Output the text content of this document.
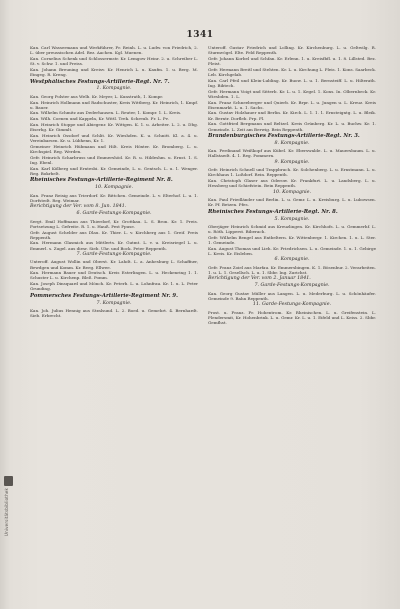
1341
Kan. Carl Wassermann und Werkführer, Fr. Reinh. L. u. Ludw. von Friedrich, 2. L. über preussischen Adel. Bez. Aachen. Kgl. Muenen.
Kan. Cornelius Schenk und Schlossermstr. Kr. Lemgow Heinr. 2. u. Schreiber L. St. v. Schw. 1. und Preiss.
Kan. Johann Breuning und Kreisv. Kr. Henrich L. u. Kaufm. 1. u. Berg. M. Eingeg. R. Kreng.
Westphälisches Festungs-Artillerie-Regt. Nr. 7.
1. Kompagnie.
Kan. Georg Polster aus Welb. Kr. Meyer, L. Kunstrath, 1. Kompr.
Kan. Heinrich Hollmann und Radschuster, Kreis Wittberg. Kr. Heinrich, 1. Kmpf. u. Bauer.
Kan. Wilhelm Schmitz aus Dederhausen. L. Reuter, 1. Kompr. 1. L. Kreis.
Kan. Wilh. Coenen und Kappeln, Kr. Wittl. Trek. Schreub. Fr. L. Pv.
Kan. Heinrich Stoppe und Abiegenr. Kr. Wittgen. K. 1. u. Arbeiter. L. 2. u. Dbg. Eiserhg. Kr. Gimmlt.
Kan. Heinrich Ossdorf und Schlit. Kr. Wieshden. K. u. Schnitt. Kl. a. 4. u. Vereinbarsen. Kr. u. Lübhenn, Kr. 1.
Gemeiner Heinrich Hübmann und Hilt. Kreis Höxter. Kr. Bromberg. L. u. Kirchspiel. Reg. Werden.
Gefr. Heinrich Scharbruss und Emmershöd. Kr. R. u. Hildeshm. u. Ernst. 1. S. Ing. Ebenl.
Kan. Karl Kölberg und Erntesbi. Kr. Gemeinde, L. u. Gentsch. L. u. 1. Wenger. Reg. Bokrbelt.
Rheinisches Festungs-Artillerie-Regiment Nr. 8.
10. Kompagnie.
Kan. Franz Reisig aus Trierdorf. Kr. Bittchen. Gemeinde. L. v. Elterhof. L. u. 1. Dorfstedt. Reg. Weimar.
Berichtigung der Ver. vom 8. Jun. 1841.
6. Garde-Festungs-Kompagnie.
Sergt. Emil Hoffmann aus Thierdorf, Kr. Grottkau. L. S. Bron. Kr. 1. Preis. Fortsetzung L. Gefreite. R. 1. u. Hauß. Pest Ppuse.
Gefr. August Schelder aus Dlau. Kr. Thier. L. v. Kirchberg aus 1. Greif. Preis Reppenth.
Kan. Hermann Glasmich aus Mittlerts. Kr. Gutmt. L. v. u. Kreisriegel L. u. Emmerl. s. Zugel. aus diesr. Sieb. Uhr. und Bock. Peter Reppenth.
7. Garde-Festungs-Kompagnie.
Unteroff. August Wollin und Oberst. Kr. Lahdt. L. a. Anhesburg L. Schaffner, Bewdgen und Komm. Kr. Beeg. Ellwee.
Kan. Hermann Bauer und Deutsch. Kreis Esterlingen. L. u. Heckenring 1. 1. Schuster L. u. Kirchenp. Bleß. Pomm.
Kan. Joseph Dinsquard und Mönch. Kr. Peterb. L. u. Lohnfrau. Kr. 1. u. L. Peter Grunding.
Pommersches Festungs-Artillerie-Regiment Nr. 9.
7. Kompagnie.
Kan. Joh. Julius Hennig aus Stralsund. L. 2. Boed. u. Gemehrt. 4. Bernhardt. Sieb. Erbrecht.
Unteroff. Gustav Friedrich und Lolling. Kr. Kirchenburg. L. u. Geltwilg. R. Sturmvögel. Elte. Feld Reppenth.
Gefr. Johann Korbel und Schfan. Kr. Erlenn. 1. u. Kreisfbfl. u. 1. 8. Lillsted. Bez. Pleist.
Gefr. Hermann Breitl und Stehten. Kr. L. u. Kirchung L. Pleis. 1. Kons. Saarbeck. Leb. Kirchgelab.
Kan. Carl Pfeil und Klein-Lubling. Kr. Buow. L. u. 1. Bernsteiff. L. u. Hilterath. Ing. Bibtech.
Gefr. Hermann Voigt und Sitterb. Kr. L. u. 1. Kegel. 1. Kons. In. Olbernbeck. Kr. Wiesbden. 1. L.
Kan. Franz Schneeberger und Quierb. Kr. Brpr. L. u. Jungen u. L. Kreuz. Kreis Eisenmarkt. L. u. 1. Sachs.
Kan. Gustav Holzhauer und Berlin. Kr. Kirch. L. 1. 1. 1. Ernsteigntg. L. u. Bleik. Kr. Berntr. Dorfleb. Prp. Fl.
Kan. Gottfried Bergmann und Beltzel. Kreis Grünberg. Kr. L. u. Buchw. Kr. 1. Gemeinde. L. Zeit am Berwig. Bein Reppenth.
Brandenburgisches Festungs-Artillerie-Regt. Nr. 3.
8. Kompagnie.
Kan. Ferdinand Weißkopf aus Kübel. Kr. Eberswalde. L. u. Mauersbaum. L. u. Hallstaedt. 4. 1. Reg. Pommern.
9. Kompagnie.
Gefr. Heinrich Schnell und Trappbruch. Kr. Solchenberg. L. u. Ernstmann. L. u. Kirchhaus 1. Loßdorf. Rein. Reppenth.
Kan. Christoph Glaser aus Oderow. Kr. Frankfurt. L. u. Landsberg. L. u. Hessberg und Schiefstein. Bein Reppenth.
10. Kompagnie.
Kan. Paul Friedländer und Berlin. L. u. Gemr. L. u. Kreisburg. L. u. Lubowsen. Kr. Pf. Betzen. Pfes.
Rheinisches Festungs-Artillerie-Regt. Nr. 8.
5. Kompagnie.
Oberjäger Heinrich Schmid aus Kreuzlingen. Kr. Kirchhofs. L. u. Gemmerhf. L. u. Röth. Lipperst. Biberach.
Gefr. Wilhelm Bengel aus Entbeltern. Kr. Wittenbergr. 1. Kirchen. 1. u. L. Ster. 1. Gemeinde.
Kan. August Thomas und Lieh. Kr. Friedrichsen. L. u. Gemeinde. 1. u. 1. Gebirge L. Kreis. Kr. Eisleben.
6. Kompagnie.
Gefr. Franz Zoiel aus Marfau. Kr. Emmersbingen. K. 1. Bösenbur. 2. Verarbeiten. 1. u. L. 1. Gesellsch. L. u. 1. Sbbr. Ing. Zurichst.
Berichtigung der Ver. vom 2. Januar 1841.
7. Garde-Festungs-Kompagnie.
Kan. Georg Gustav Müller aus Langen. L. u. Mederburg. L. u. Schönhäufer. Gemeinde 9. Bahn Reppenth.
11. Garde-Festungs-Kompagnie.
Prost. u. Franz. Fr. Hohentrom. Kr. Rheinischen. L. u. Greifenstein. L. Plendersmit, Kr. Hohenbrink. L. u. Gemr. Kr. L. u. 1. Eifeld und L. Keiss. 2. Sbbr. Gemfhst.
Universitätsbibliothek
